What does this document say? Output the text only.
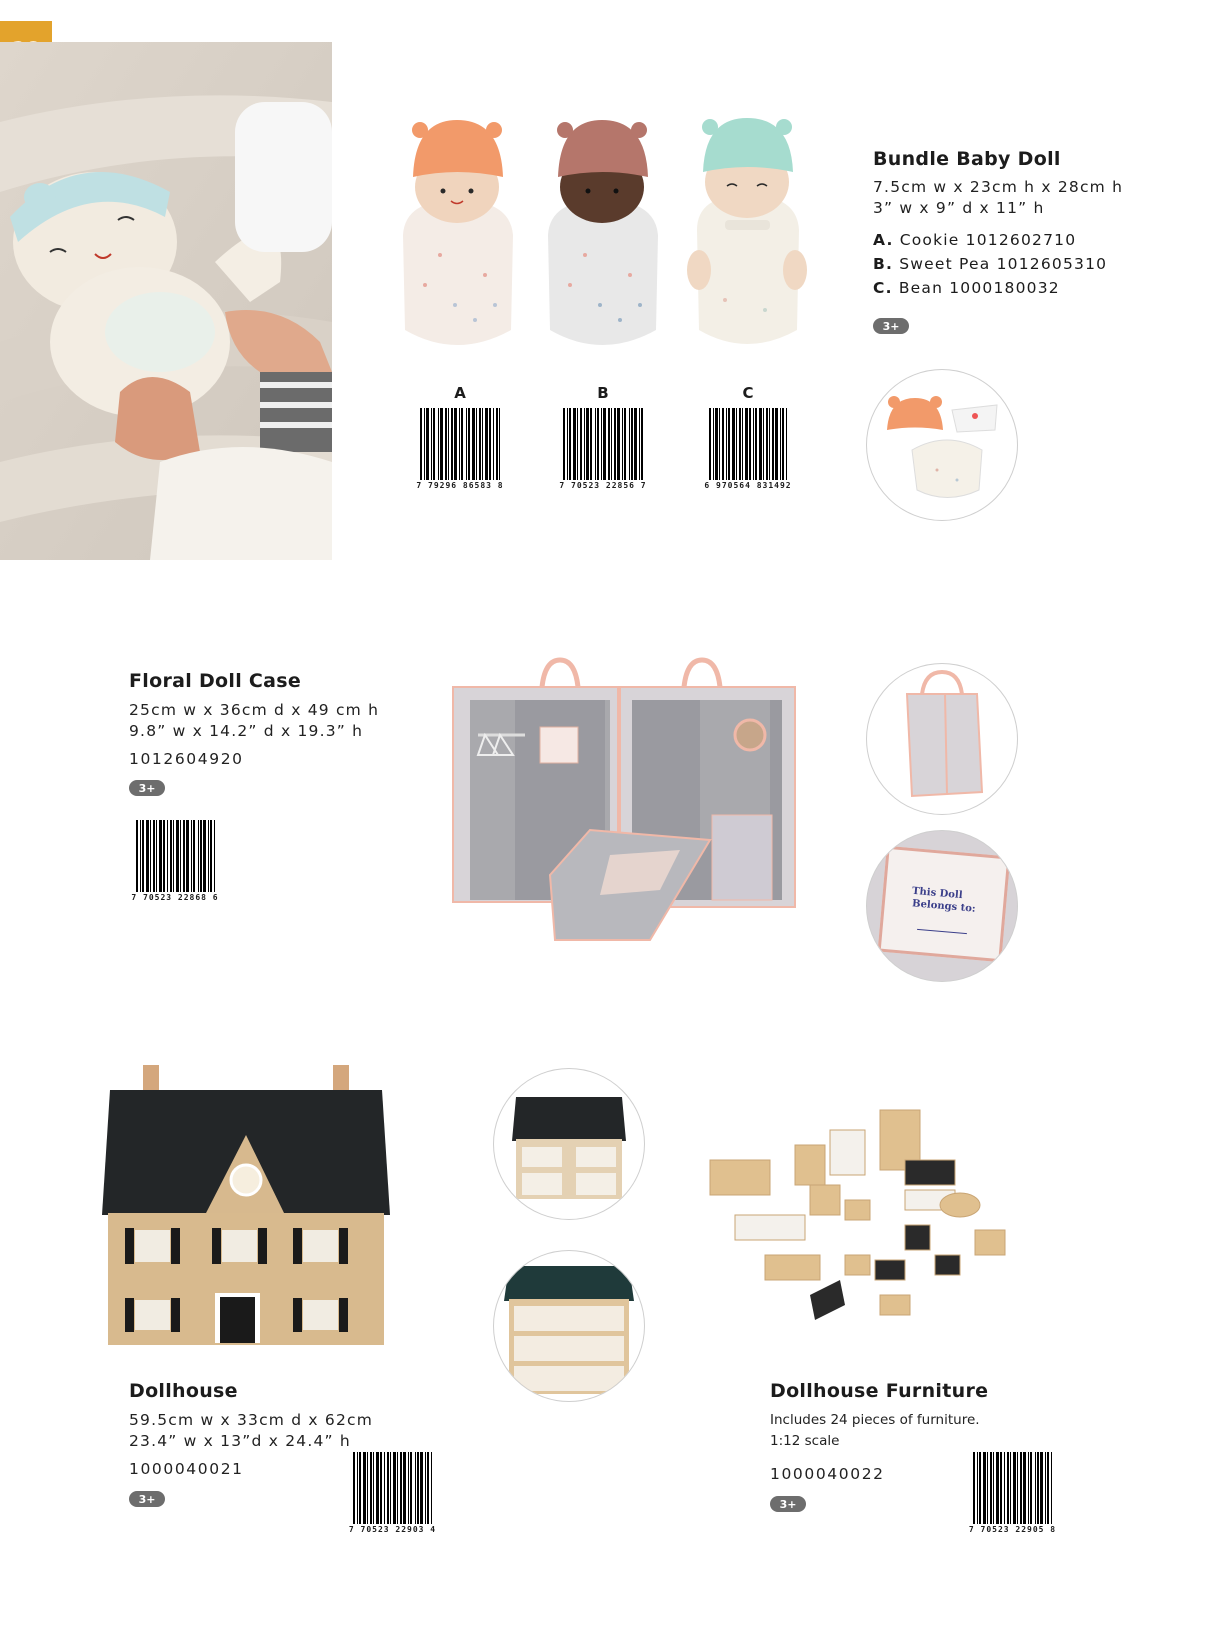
A
7 79296 86583 8
B
7 70523 22856 7
C
6 970564 831492
Bundle Baby Doll
7.5cm w x 23cm h x 28cm h
3” w x 9” d x 11” h
A. Cookie 1012602710
B. Sweet Pea 1012605310
C. Bean 1000180032
3+
Floral Doll Case
25cm w x 36cm d x 49 cm h
9.8” w x 14.2” d x 19.3” h
1012604920
3+
7 70523 22868 6	This Doll
Belongs to:
Dollhouse
59.5cm w x 33cm d x 62cm
23.4” w x 13”d x 24.4” h
1000040021
3+
7 70523 22903 4
Dollhouse Furniture
Includes 24 pieces of furniture.
1:12 scale
1000040022
3+
7 70523 22905 8
